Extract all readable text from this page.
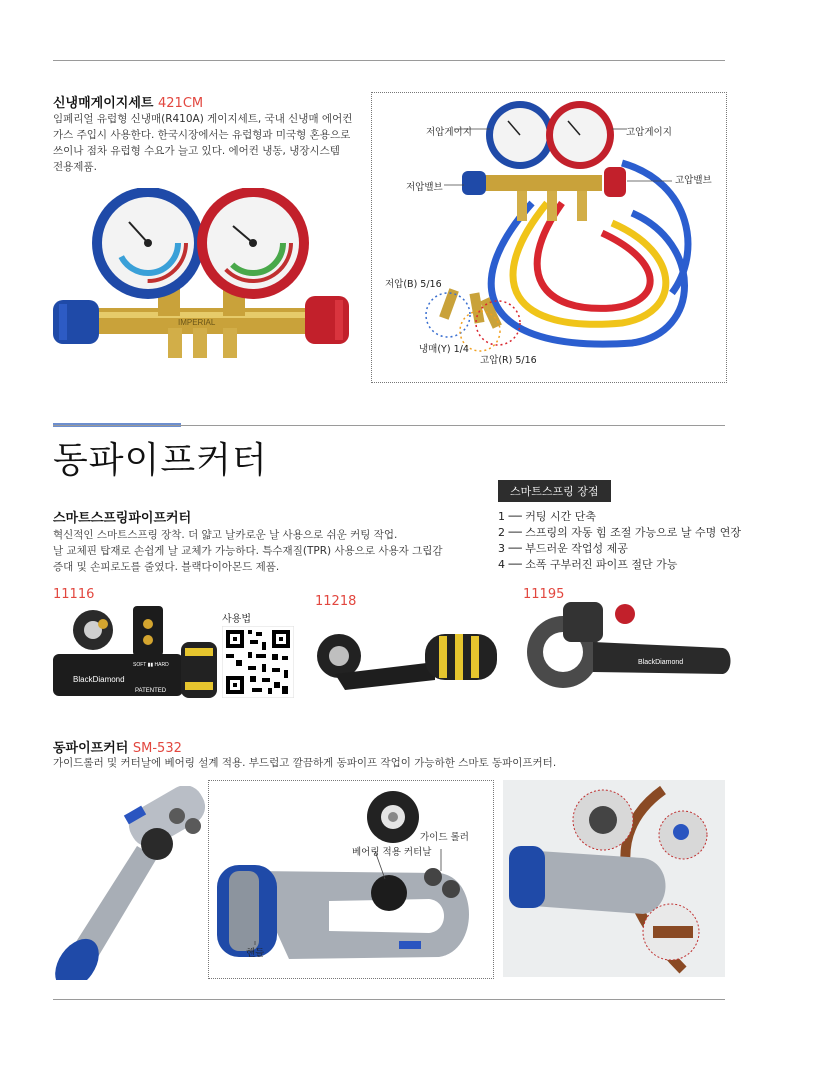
신냉매게이지세트 421CM
임페리얼 유럽형 신냉매(R410A) 게이지세트, 국내 신냉매 에어컨
가스 주입시 사용한다. 한국시장에서는 유럽형과 미국형 혼용으로
쓰이나 점차 유럽형 수요가 늘고 있다. 에어컨 냉동, 냉장시스템
전용제품.
IMPERIAL
저압게이지	고압게이지
저압밸브
고압밸브
저압(B) 5/16
냉매(Y) 1/4
고압(R) 5/16
동파이프커터
스마트스프링파이프커터
혁신적인 스마트스프링 장착. 더 얇고 날카로운 날 사용으로 쉬운 커팅 작업.
날 교체핀 탑재로 손쉽게 날 교체가 가능하다. 특수재질(TPR) 사용으로 사용자 그립감
증대 및 손피로도를 줄였다. 블랙다이아몬드 제품.
스마트스프링 장점
1 ── 커팅 시간 단축
2 ── 스프링의 자동 힘 조절 가능으로 날 수명 연장
3 ── 부드러운 작업성 제공
4 ── 소폭 구부러진 파이프 절단 가능
11116	11218	11195
BlackDiamond
SOFT ▮▮ HARD
PATENTED
사용법
BlackDiamond
동파이프커터 SM-532
가이드롤러 및 커터날에 베어링 설계 적용. 부드럽고 깔끔하게 동파이프 작업이 가능하한 스마토 동파이프커터.
가이드 롤러
베어링 적용 커터날
핸들
